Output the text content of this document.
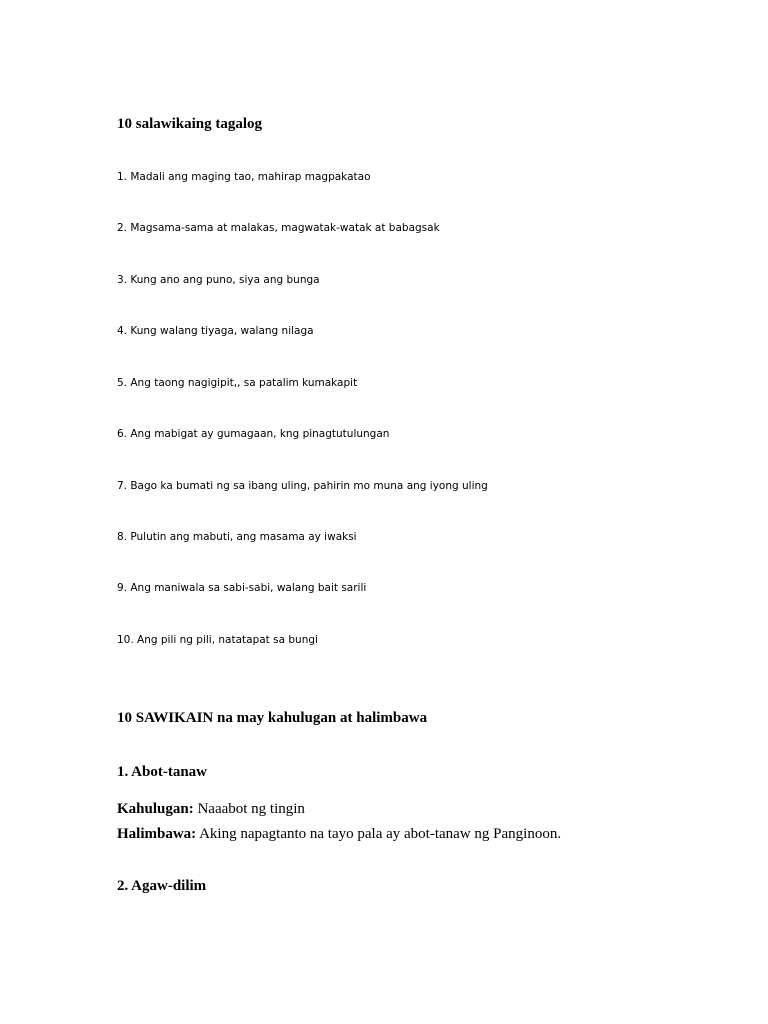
10 salawikaing tagalog
1. Madali ang maging tao, mahirap magpakatao
2. Magsama-sama at malakas, magwatak-watak at babagsak
3. Kung ano ang puno, siya ang bunga
4. Kung walang tiyaga, walang nilaga
5. Ang taong nagigipit,, sa patalim kumakapit
6. Ang mabigat ay gumagaan, kng pinagtutulungan
7. Bago ka bumati ng sa ibang uling, pahirin mo muna ang iyong uling
8. Pulutin ang mabuti, ang masama ay iwaksi
9. Ang maniwala sa sabi-sabi, walang bait sarili
10. Ang pili ng pili, natatapat sa bungi
10 SAWIKAIN na may kahulugan at halimbawa
1. Abot-tanaw
Kahulugan: Naaabot ng tingin
Halimbawa: Aking napagtanto na tayo pala ay abot-tanaw ng Panginoon.
2. Agaw-dilim
